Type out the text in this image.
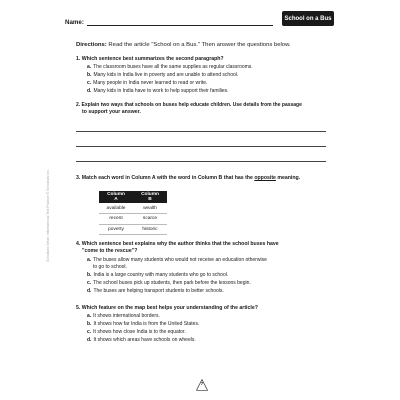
Name:
School on a Bus
Directions: Read the article "School on a Bus." Then answer the questions below.
1. Which sentence best summarizes the second paragraph?
a. The classroom buses have all the same supplies as regular classrooms.
b. Many kids in India live in poverty and are unable to attend school.
c. Many people in India never learned to read or write.
d. Many kids in India have to work to help support their families.
2. Explain two ways that schools on buses help educate children. Use details from the passage
to support your answer.
3. Match each word in Column A with the word in Column B that has the opposite meaning.
Column A	Column B
available	wealth
recent	scarce
poverty	historic
4. Which sentence best explains why the author thinks that the school buses have
"come to the rescue"?
a. The buses allow many students who would not receive an education otherwise
to go to school.
b. India is a large country with many students who go to school.
c. The school buses pick up students, then park before the lessons begin.
d. The buses are helping transport students to better schools.
5. Which feature on the map best helps your understanding of the article?
a. It shows international borders.
b. It shows how far India is from the United States.
c. It shows how close India is to the equator.
d. It shows which areas have schools on wheels.
Scholastic News: Informational Text Practice © Scholastic Inc.
7
